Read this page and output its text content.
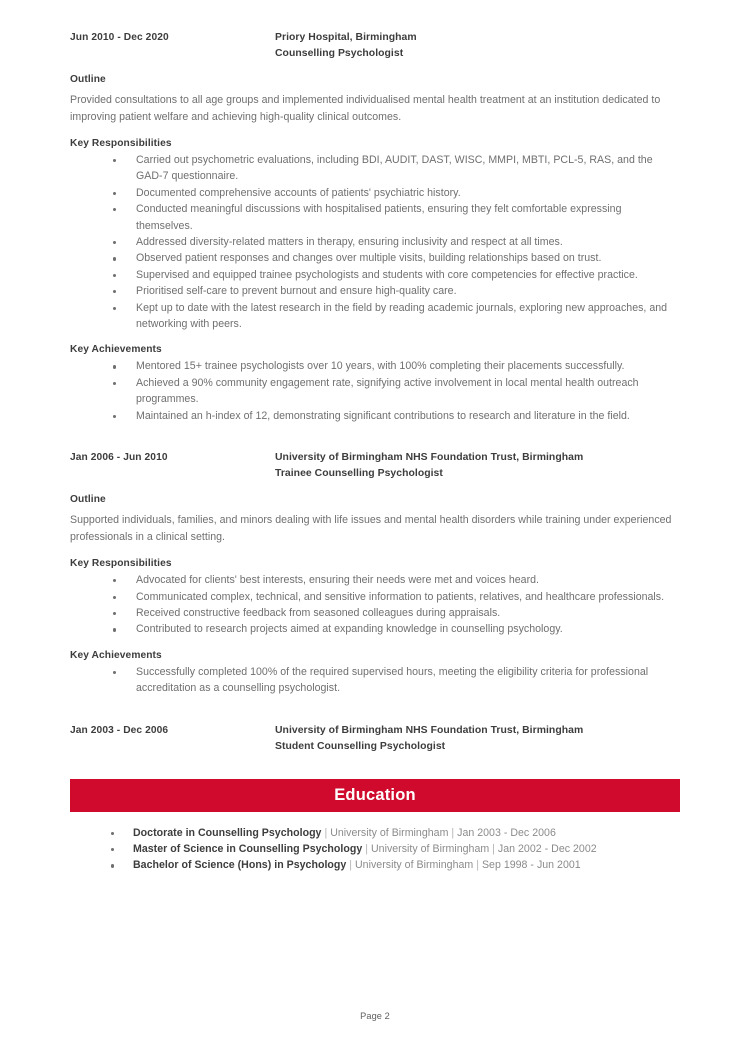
Jun 2010 - Dec 2020	Priory Hospital, Birmingham
Counselling Psychologist
Outline
Provided consultations to all age groups and implemented individualised mental health treatment at an institution dedicated to improving patient welfare and achieving high-quality clinical outcomes.
Key Responsibilities
Carried out psychometric evaluations, including BDI, AUDIT, DAST, WISC, MMPI, MBTI, PCL-5, RAS, and the GAD-7 questionnaire.
Documented comprehensive accounts of patients' psychiatric history.
Conducted meaningful discussions with hospitalised patients, ensuring they felt comfortable expressing themselves.
Addressed diversity-related matters in therapy, ensuring inclusivity and respect at all times.
Observed patient responses and changes over multiple visits, building relationships based on trust.
Supervised and equipped trainee psychologists and students with core competencies for effective practice.
Prioritised self-care to prevent burnout and ensure high-quality care.
Kept up to date with the latest research in the field by reading academic journals, exploring new approaches, and networking with peers.
Key Achievements
Mentored 15+ trainee psychologists over 10 years, with 100% completing their placements successfully.
Achieved a 90% community engagement rate, signifying active involvement in local mental health outreach programmes.
Maintained an h-index of 12, demonstrating significant contributions to research and literature in the field.
Jan 2006 - Jun 2010	University of Birmingham NHS Foundation Trust, Birmingham
Trainee Counselling Psychologist
Outline
Supported individuals, families, and minors dealing with life issues and mental health disorders while training under experienced professionals in a clinical setting.
Key Responsibilities
Advocated for clients' best interests, ensuring their needs were met and voices heard.
Communicated complex, technical, and sensitive information to patients, relatives, and healthcare professionals.
Received constructive feedback from seasoned colleagues during appraisals.
Contributed to research projects aimed at expanding knowledge in counselling psychology.
Key Achievements
Successfully completed 100% of the required supervised hours, meeting the eligibility criteria for professional accreditation as a counselling psychologist.
Jan 2003 - Dec 2006	University of Birmingham NHS Foundation Trust, Birmingham
Student Counselling Psychologist
Education
Doctorate in Counselling Psychology | University of Birmingham | Jan 2003 - Dec 2006
Master of Science in Counselling Psychology | University of Birmingham | Jan 2002 - Dec 2002
Bachelor of Science (Hons) in Psychology | University of Birmingham | Sep 1998 - Jun 2001
Page 2
